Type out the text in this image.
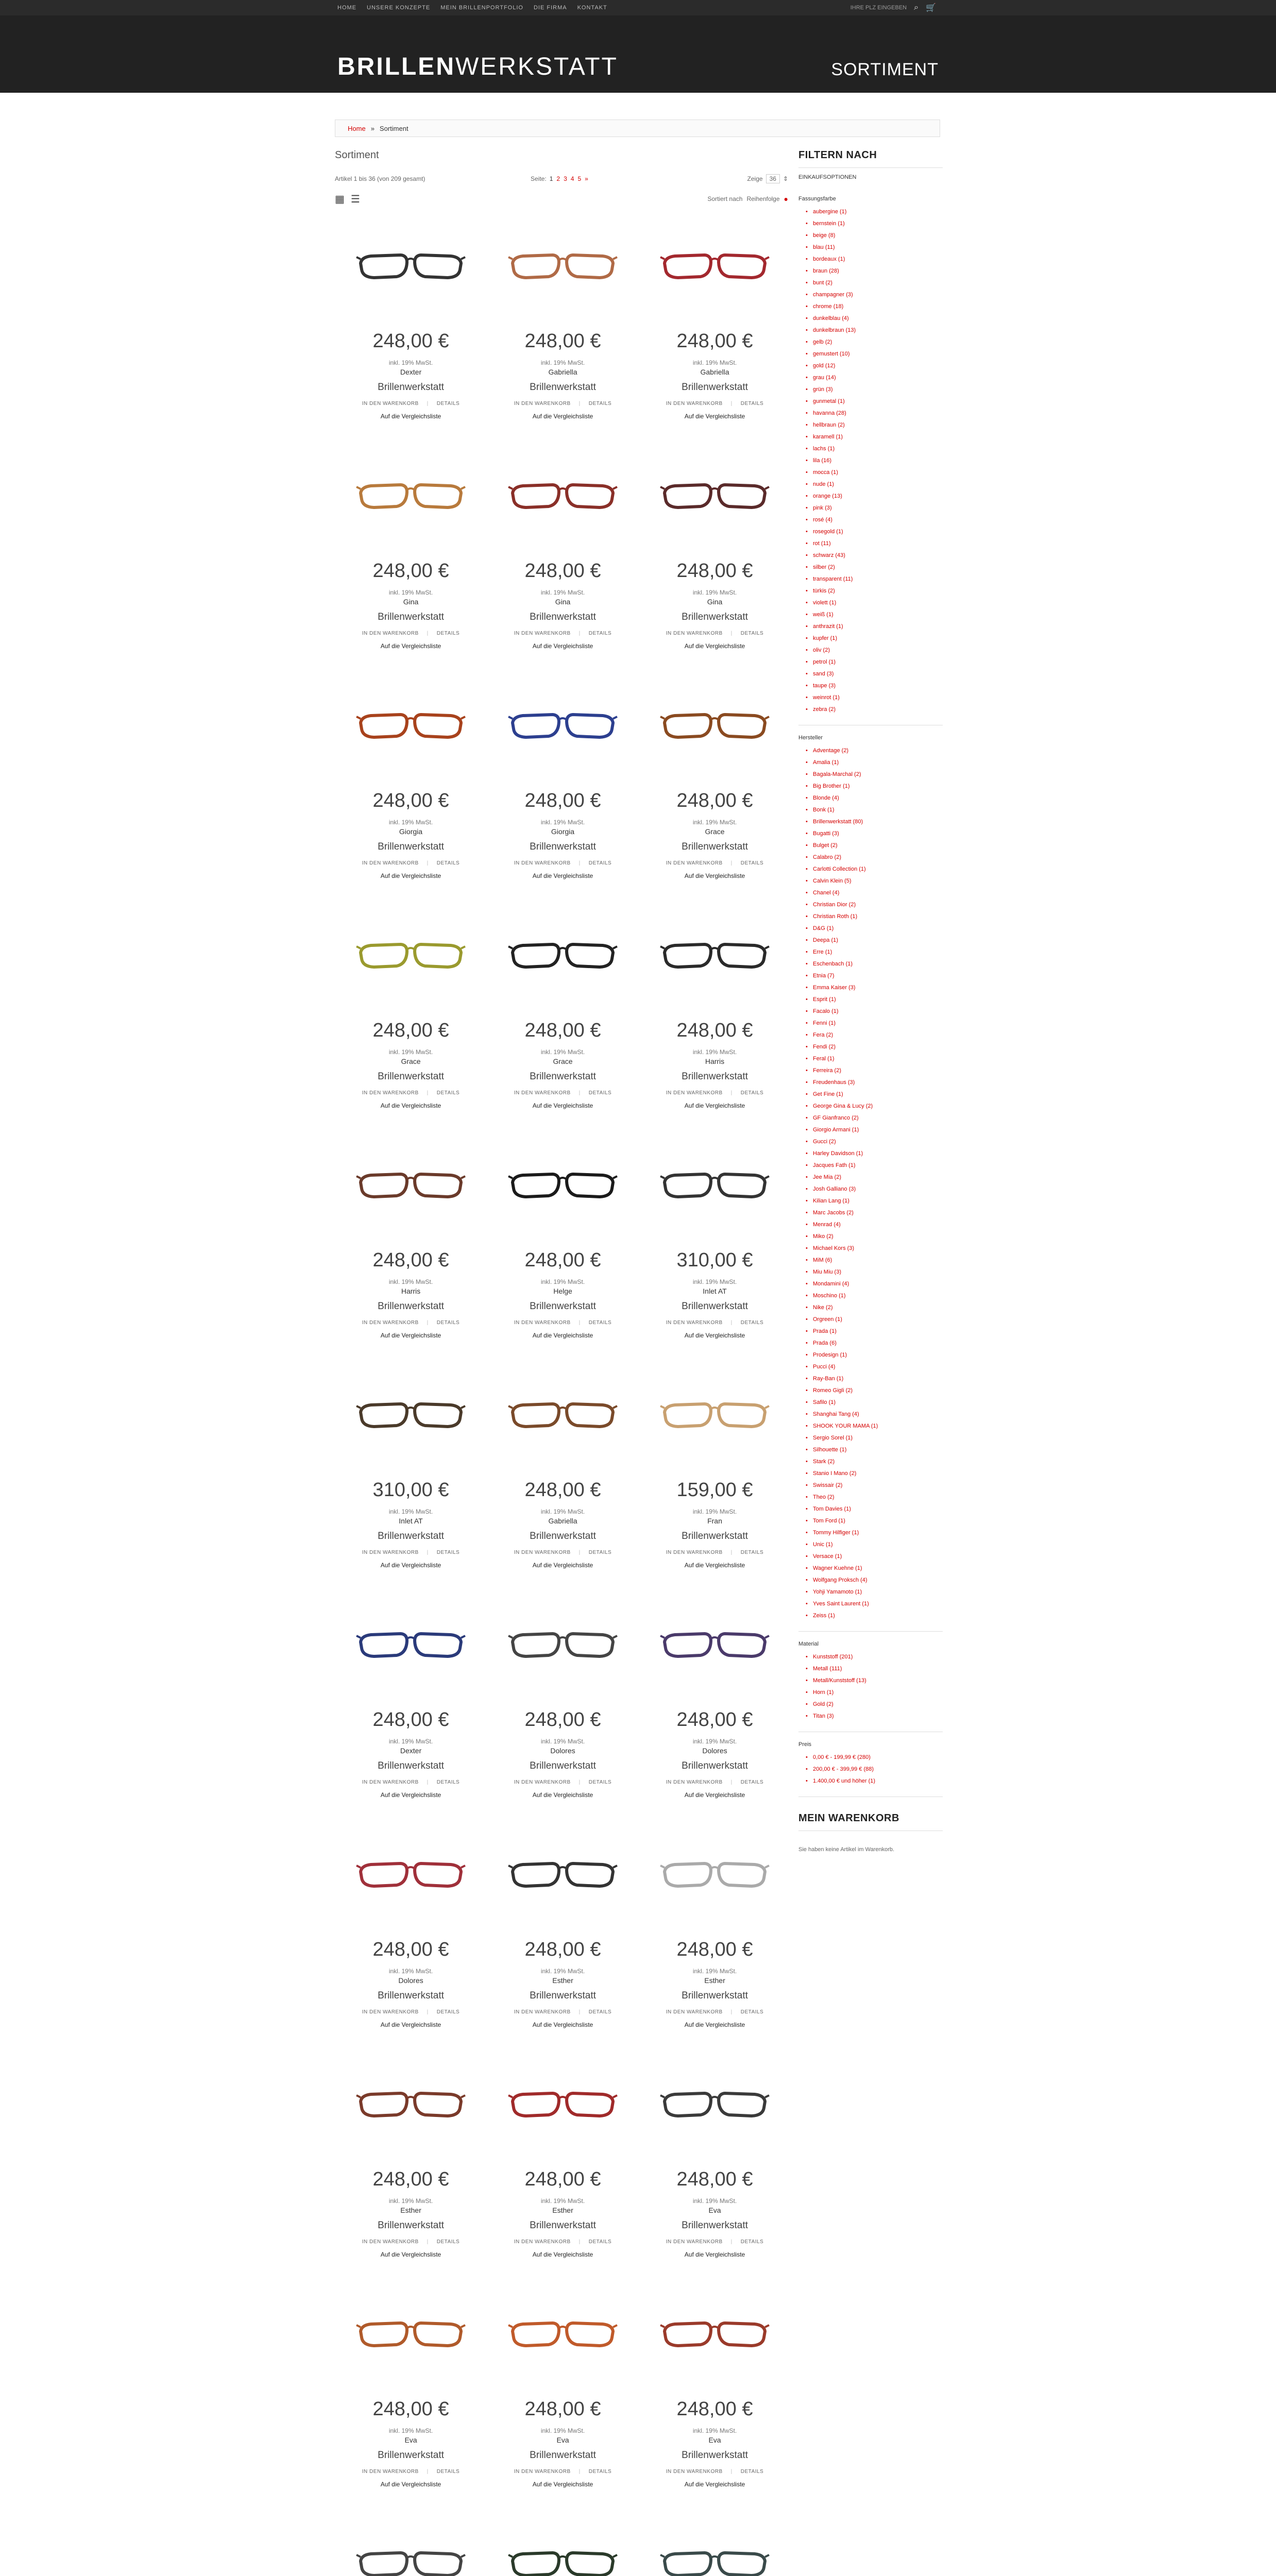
HOME UNSERE KONZEPTE MEIN BRILLENPORTFOLIO DIE FIRMA KONTAKT	IHRE PLZ EINGEBEN ⌕ 🛒
BRILLENWERKSTATT	SORTIMENT
Home » Sortiment
Sortiment
Artikel 1 bis 36 (von 209 gesamt)	Seite: 1 2 3 4 5 »	Zeige	36	⇕
▦ ☰	Sortiert nach Reihenfolge ●
248,00 €
inkl. 19% MwSt.
Dexter
Brillenwerkstatt
IN DEN WARENKORB | DETAILS
Auf die Vergleichsliste
248,00 €
inkl. 19% MwSt.
Gabriella
Brillenwerkstatt
IN DEN WARENKORB | DETAILS
Auf die Vergleichsliste
248,00 €
inkl. 19% MwSt.
Gabriella
Brillenwerkstatt
IN DEN WARENKORB | DETAILS
Auf die Vergleichsliste
248,00 €
inkl. 19% MwSt.
Gina
Brillenwerkstatt
IN DEN WARENKORB | DETAILS
Auf die Vergleichsliste
248,00 €
inkl. 19% MwSt.
Gina
Brillenwerkstatt
IN DEN WARENKORB | DETAILS
Auf die Vergleichsliste
248,00 €
inkl. 19% MwSt.
Gina
Brillenwerkstatt
IN DEN WARENKORB | DETAILS
Auf die Vergleichsliste
248,00 €
inkl. 19% MwSt.
Giorgia
Brillenwerkstatt
IN DEN WARENKORB | DETAILS
Auf die Vergleichsliste
248,00 €
inkl. 19% MwSt.
Giorgia
Brillenwerkstatt
IN DEN WARENKORB | DETAILS
Auf die Vergleichsliste
248,00 €
inkl. 19% MwSt.
Grace
Brillenwerkstatt
IN DEN WARENKORB | DETAILS
Auf die Vergleichsliste
248,00 €
inkl. 19% MwSt.
Grace
Brillenwerkstatt
IN DEN WARENKORB | DETAILS
Auf die Vergleichsliste
248,00 €
inkl. 19% MwSt.
Grace
Brillenwerkstatt
IN DEN WARENKORB | DETAILS
Auf die Vergleichsliste
248,00 €
inkl. 19% MwSt.
Harris
Brillenwerkstatt
IN DEN WARENKORB | DETAILS
Auf die Vergleichsliste
248,00 €
inkl. 19% MwSt.
Harris
Brillenwerkstatt
IN DEN WARENKORB | DETAILS
Auf die Vergleichsliste
248,00 €
inkl. 19% MwSt.
Helge
Brillenwerkstatt
IN DEN WARENKORB | DETAILS
Auf die Vergleichsliste
310,00 €
inkl. 19% MwSt.
Inlet AT
Brillenwerkstatt
IN DEN WARENKORB | DETAILS
Auf die Vergleichsliste
310,00 €
inkl. 19% MwSt.
Inlet AT
Brillenwerkstatt
IN DEN WARENKORB | DETAILS
Auf die Vergleichsliste
248,00 €
inkl. 19% MwSt.
Gabriella
Brillenwerkstatt
IN DEN WARENKORB | DETAILS
Auf die Vergleichsliste
159,00 €
inkl. 19% MwSt.
Fran
Brillenwerkstatt
IN DEN WARENKORB | DETAILS
Auf die Vergleichsliste
248,00 €
inkl. 19% MwSt.
Dexter
Brillenwerkstatt
IN DEN WARENKORB | DETAILS
Auf die Vergleichsliste
248,00 €
inkl. 19% MwSt.
Dolores
Brillenwerkstatt
IN DEN WARENKORB | DETAILS
Auf die Vergleichsliste
248,00 €
inkl. 19% MwSt.
Dolores
Brillenwerkstatt
IN DEN WARENKORB | DETAILS
Auf die Vergleichsliste
248,00 €
inkl. 19% MwSt.
Dolores
Brillenwerkstatt
IN DEN WARENKORB | DETAILS
Auf die Vergleichsliste
248,00 €
inkl. 19% MwSt.
Esther
Brillenwerkstatt
IN DEN WARENKORB | DETAILS
Auf die Vergleichsliste
248,00 €
inkl. 19% MwSt.
Esther
Brillenwerkstatt
IN DEN WARENKORB | DETAILS
Auf die Vergleichsliste
248,00 €
inkl. 19% MwSt.
Esther
Brillenwerkstatt
IN DEN WARENKORB | DETAILS
Auf die Vergleichsliste
248,00 €
inkl. 19% MwSt.
Esther
Brillenwerkstatt
IN DEN WARENKORB | DETAILS
Auf die Vergleichsliste
248,00 €
inkl. 19% MwSt.
Eva
Brillenwerkstatt
IN DEN WARENKORB | DETAILS
Auf die Vergleichsliste
248,00 €
inkl. 19% MwSt.
Eva
Brillenwerkstatt
IN DEN WARENKORB | DETAILS
Auf die Vergleichsliste
248,00 €
inkl. 19% MwSt.
Eva
Brillenwerkstatt
IN DEN WARENKORB | DETAILS
Auf die Vergleichsliste
248,00 €
inkl. 19% MwSt.
Eva
Brillenwerkstatt
IN DEN WARENKORB | DETAILS
Auf die Vergleichsliste
FILTERN NACH
EINKAUFSOPTIONEN
Fassungsfarbe
• aubergine (1)
• bernstein (1)
• beige (8)
• blau (11)
• bordeaux (1)
• braun (28)
• bunt (2)
• champagner (3)
• chrome (18)
• dunkelblau (4)
• dunkelbraun (13)
• gelb (2)
• gemustert (10)
• gold (12)
• grau (14)
• grün (3)
• gunmetal (1)
• havanna (28)
• hellbraun (2)
• karamell (1)
• lachs (1)
• lila (16)
• mocca (1)
• nude (1)
• orange (13)
• pink (3)
• rosé (4)
• rosegold (1)
• rot (11)
• schwarz (43)
• silber (2)
• transparent (11)
• türkis (2)
• violett (1)
• weiß (1)
• anthrazit (1)
• kupfer (1)
• oliv (2)
• petrol (1)
• sand (3)
• taupe (3)
• weinrot (1)
• zebra (2)
Hersteller
• Adventage (2)
• Amalia (1)
• Bagala-Marchal (2)
• Big Brother (1)
• Blonde (4)
• Bonk (1)
• Brillenwerkstatt (80)
• Bugatti (3)
• Bulget (2)
• Calabro (2)
• Carlotti Collection (1)
• Calvin Klein (5)
• Chanel (4)
• Christian Dior (2)
• Christian Roth (1)
• D&G (1)
• Deepa (1)
• Erre (1)
• Eschenbach (1)
• Etnia (7)
• Emma Kaiser (3)
• Esprit (1)
• Facalo (1)
• Fenni (1)
• Fera (2)
• Fendi (2)
• Feral (1)
• Ferreira (2)
• Freudenhaus (3)
• Get Fine (1)
• George Gina & Lucy (2)
• GF Gianfranco (2)
• Giorgio Armani (1)
• Gucci (2)
• Harley Davidson (1)
• Jacques Fath (1)
• Jee Mia (2)
• Josh Galliano (3)
• Kilian Lang (1)
• Marc Jacobs (2)
• Menrad (4)
• Miko (2)
• Michael Kors (3)
• MiM (6)
• Miu Miu (3)
• Mondamini (4)
• Moschino (1)
• Nike (2)
• Orgreen (1)
• Prada (1)
• Prada (6)
• Prodesign (1)
• Pucci (4)
• Ray-Ban (1)
• Romeo Gigli (2)
• Safilo (1)
• Shanghai Tang (4)
• SHOOK YOUR MAMA (1)
• Sergio Sorel (1)
• Silhouette (1)
• Stark (2)
• Stanio I Mano (2)
• Swissair (2)
• Theo (2)
• Tom Davies (1)
• Tom Ford (1)
• Tommy Hilfiger (1)
• Unic (1)
• Versace (1)
• Wagner Kuehne (1)
• Wolfgang Proksch (4)
• Yohji Yamamoto (1)
• Yves Saint Laurent (1)
• Zeiss (1)
Material
• Kunststoff (201)
• Metall (111)
• Metall/Kunststoff (13)
• Horn (1)
• Gold (2)
• Titan (3)
Preis
• 0,00 € - 199,99 € (280)
• 200,00 € - 399,99 € (88)
• 1.400,00 € und höher (1)
MEIN WARENKORB
Sie haben keine Artikel im Warenkorb.
